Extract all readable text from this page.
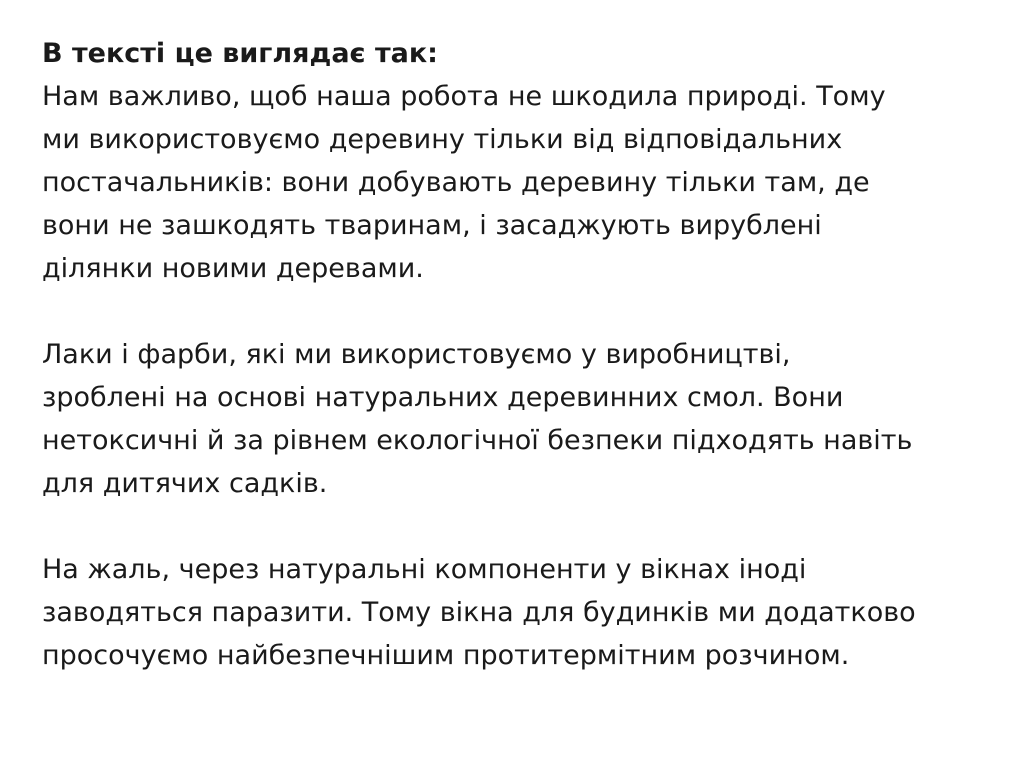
В тексті це виглядає так:
Нам важливо, щоб наша робота не шкодила природі. Тому
ми використовуємо деревину тільки від відповідальних
постачальників: вони добувають деревину тільки там, де
вони не зашкодять тваринам, і засаджують вирублені
ділянки новими деревами.
Лаки і фарби, які ми використовуємо у виробництві,
зроблені на основі натуральних деревинних смол. Вони
нетоксичні й за рівнем екологічної безпеки підходять навіть
для дитячих садків.
На жаль, через натуральні компоненти у вікнах іноді
заводяться паразити. Тому вікна для будинків ми додатково
просочуємо найбезпечнішим протитермітним розчином.
